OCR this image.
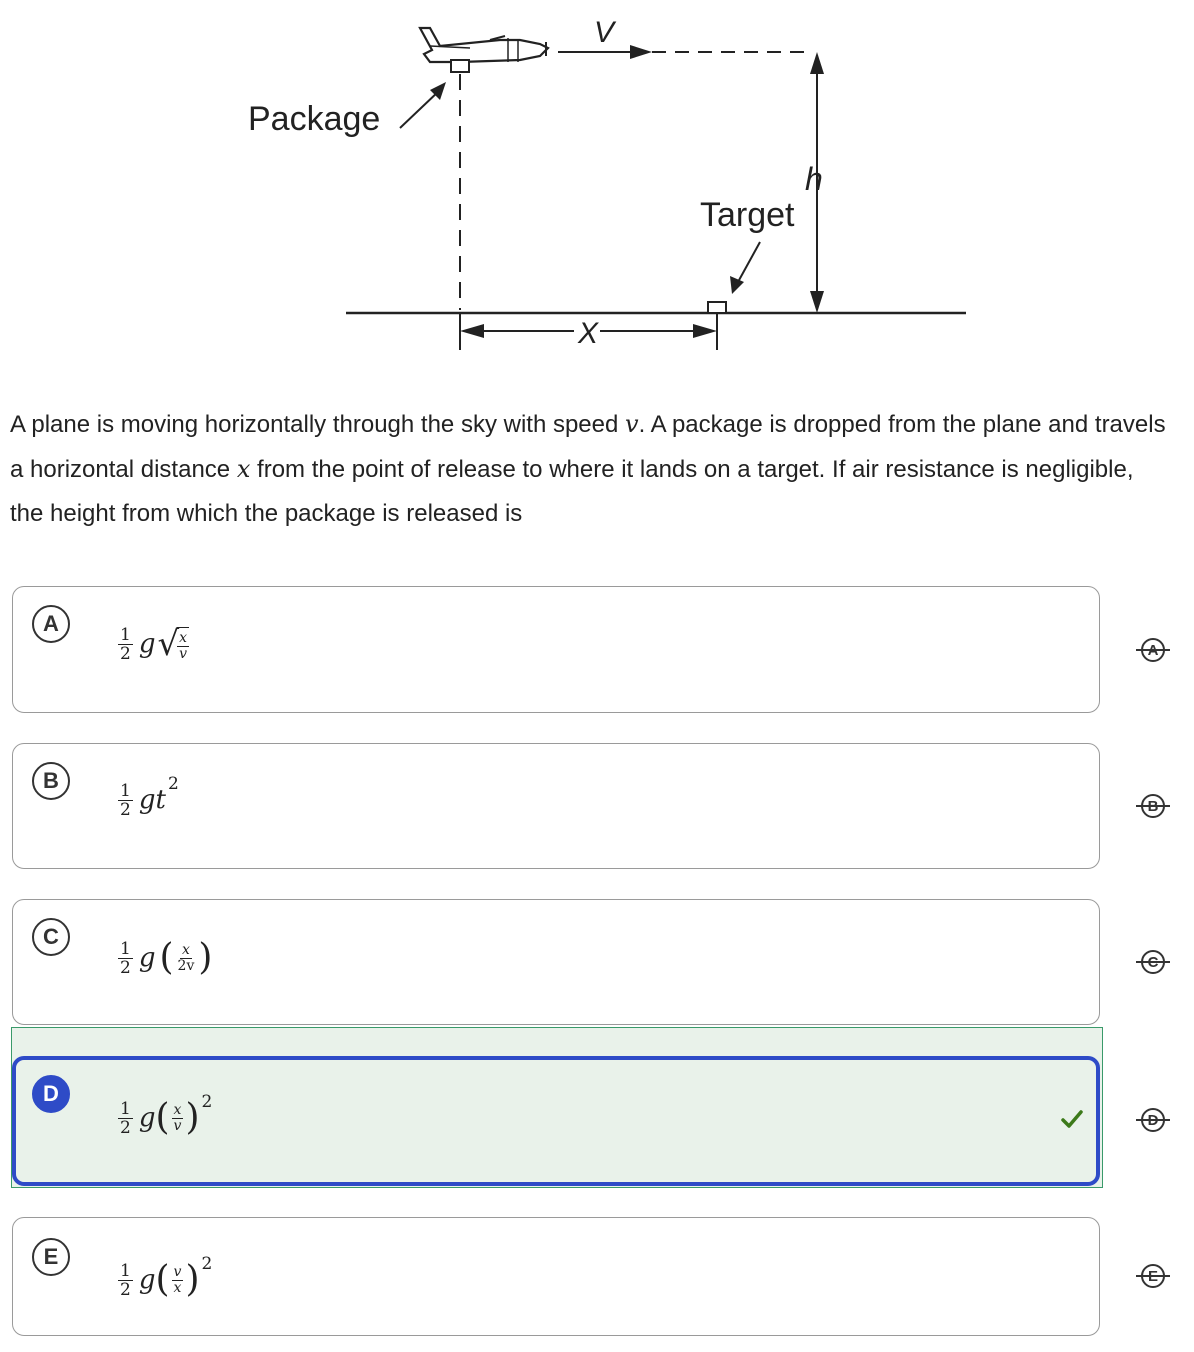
V
h
Package
Target
X
A plane is moving horizontally through the sky with speed v. A package is dropped from the plane and travels a horizontal distance x from the point of release to where it lands on a target. If air resistance is negligible, the height from which the package is released is
A
$\frac{1}{2}$ g √
$\frac{x}{v}$
B
$\frac{1}{2}$ g t
2
C
$\frac{1}{2}$ g ( $\frac{x}{2v}$ )
D
$\frac{1}{2}$ g ( $\frac{x}{v}$ ) 2
E
$\frac{1}{2}$ g ( $\frac{v}{x}$ ) 2
